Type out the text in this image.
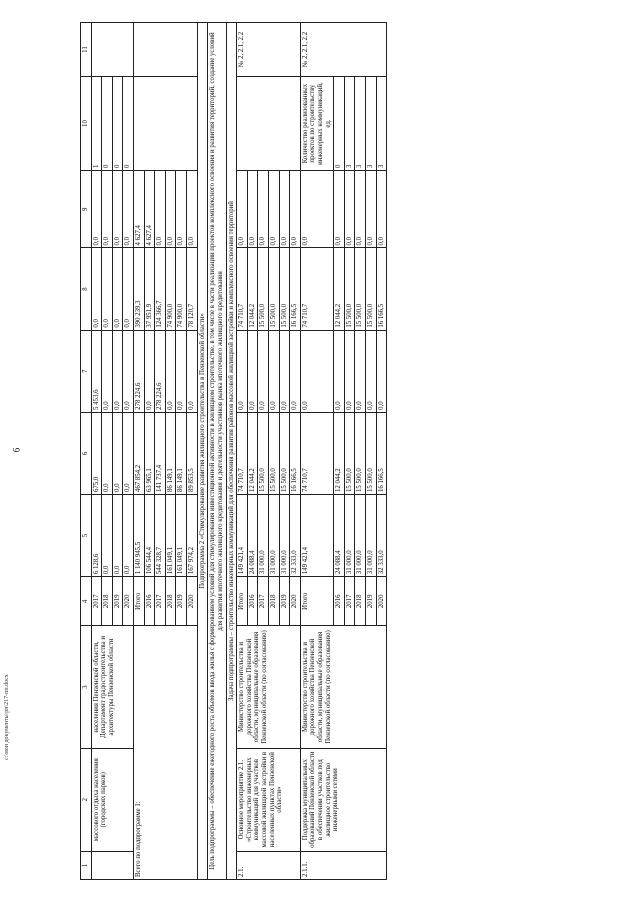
9
c:\мои документы\рп\217-пп.docx
1	2	3	4	5	6	7	8	9	10	11
	массового отдыха населения (городских парков)	населения Пензенской области, Департамент градостроительства и архитектуры Пензенской области	2017	6 128,6	675,0	5 453,6	0,0	0,0	1	
			2018	0,0	0,0	0,0	0,0	0,0	0	
			2019	0,0	0,0	0,0	0,0	0,0	0	
			2020	0,0	0,0	0,0	0,0	0,0	0	
Всего по подпрограмме 1:			Итого	1 140 945,5	467 854,2	278 224,6	390 239,3	4 627,4		
			2016	106 544,4	63 965,1	0,0	37 951,9	4 627,4		
			2017	544 328,7	141 737,4	278 224,6	124 366,7	0,0		
			2018	161 049,1	86 149,1	0,0	74 900,0	0,0		
			2019	161 049,1	86 149,1	0,0	74 900,0	0,0		
			2020	167 974,2	89 853,5	0,0	78 120,7	0,0		
Подпрограмма 2 «Стимулирование развития жилищного строительства в Пензенской области»										
Цель подпрограммы – обеспечение ежегодного роста объемов ввода жилья с формированием условий для стимулирования инвестиционной активности в жилищном строительстве, в том числе в части реализации проектов комплексного освоения и развития территорий, создание условий для развития ипотечного жилищного кредитования и деятельности участников рынка ипотечного жилищного кредитования										
Задача подпрограммы – строительство инженерных коммуникаций для обеспечения развития районов массовой жилищной застройки и комплексного освоения территорий										
2.1.	Основное мероприятие 2.1. «Строительство инженерных коммуникаций для участков массовой жилищной застройки в населенных пунктах Пензенской области»	Министерство строительства и дорожного хозяйства Пензенской области, муниципальные образования Пензенской области (по согласованию)	Итого	149 421,4	74 710,7	0,0	74 710,7	0,0		№ 2, 2.1, 2.2
			2016	24 088,4	12 044,2	0,0	12 044,2	0,0		
			2017	31 000,0	15 500,0	0,0	15 500,0	0,0		
			2018	31 000,0	15 500,0	0,0	15 500,0	0,0		
			2019	31 000,0	15 500,0	0,0	15 500,0	0,0		
			2020	32 333,0	16 166,5	0,0	16 166,5	0,0		
2.1.1.	Поддержка муниципальных образований Пензенской области в обеспечении участков под жилищное строительство инженерными сетями	Министерство строительства и дорожного хозяйства Пензенской области, муниципальные образования Пензенской области (по согласованию)	Итого	149 421,4	74 710,7	0,0	74 710,7	0,0	Количество реализованных проектов по строительству инженерных коммуникаций, ед.	№ 2, 2.1, 2.2
			2016	24 088,4	12 044,2	0,0	12 044,2	0,0	0	
			2017	31 000,0	15 500,0	0,0	15 500,0	0,0	3	
			2018	31 000,0	15 500,0	0,0	15 500,0	0,0	3	
			2019	31 000,0	15 500,0	0,0	15 500,0	0,0	3	
			2020	32 333,0	16 166,5	0,0	16 166,5	0,0	3	
